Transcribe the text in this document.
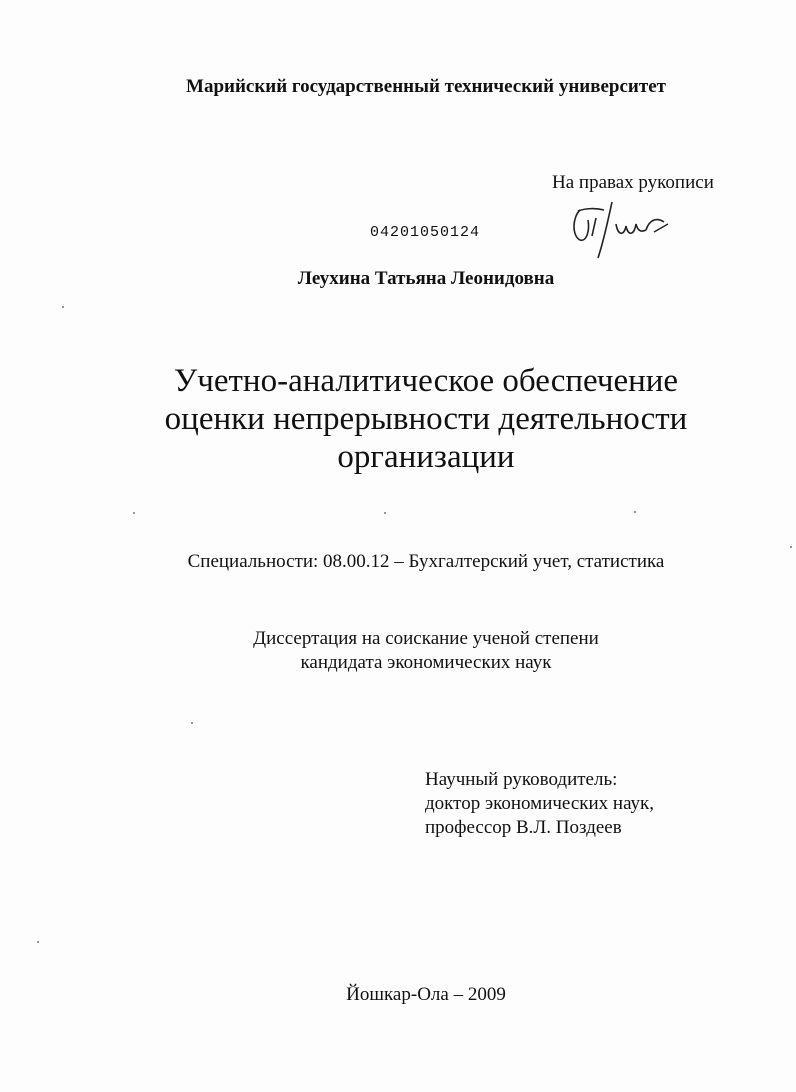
Марийский государственный технический университет
На правах рукописи
04201050124
Леухина Татьяна Леонидовна
Учетно-аналитическое обеспечение
оценки непрерывности деятельности
организации
Специальности: 08.00.12 – Бухгалтерский учет, статистика
Диссертация на соискание ученой степени
кандидата экономических наук
Научный руководитель:
доктор экономических наук,
профессор В.Л. Поздеев
Йошкар-Ола – 2009
